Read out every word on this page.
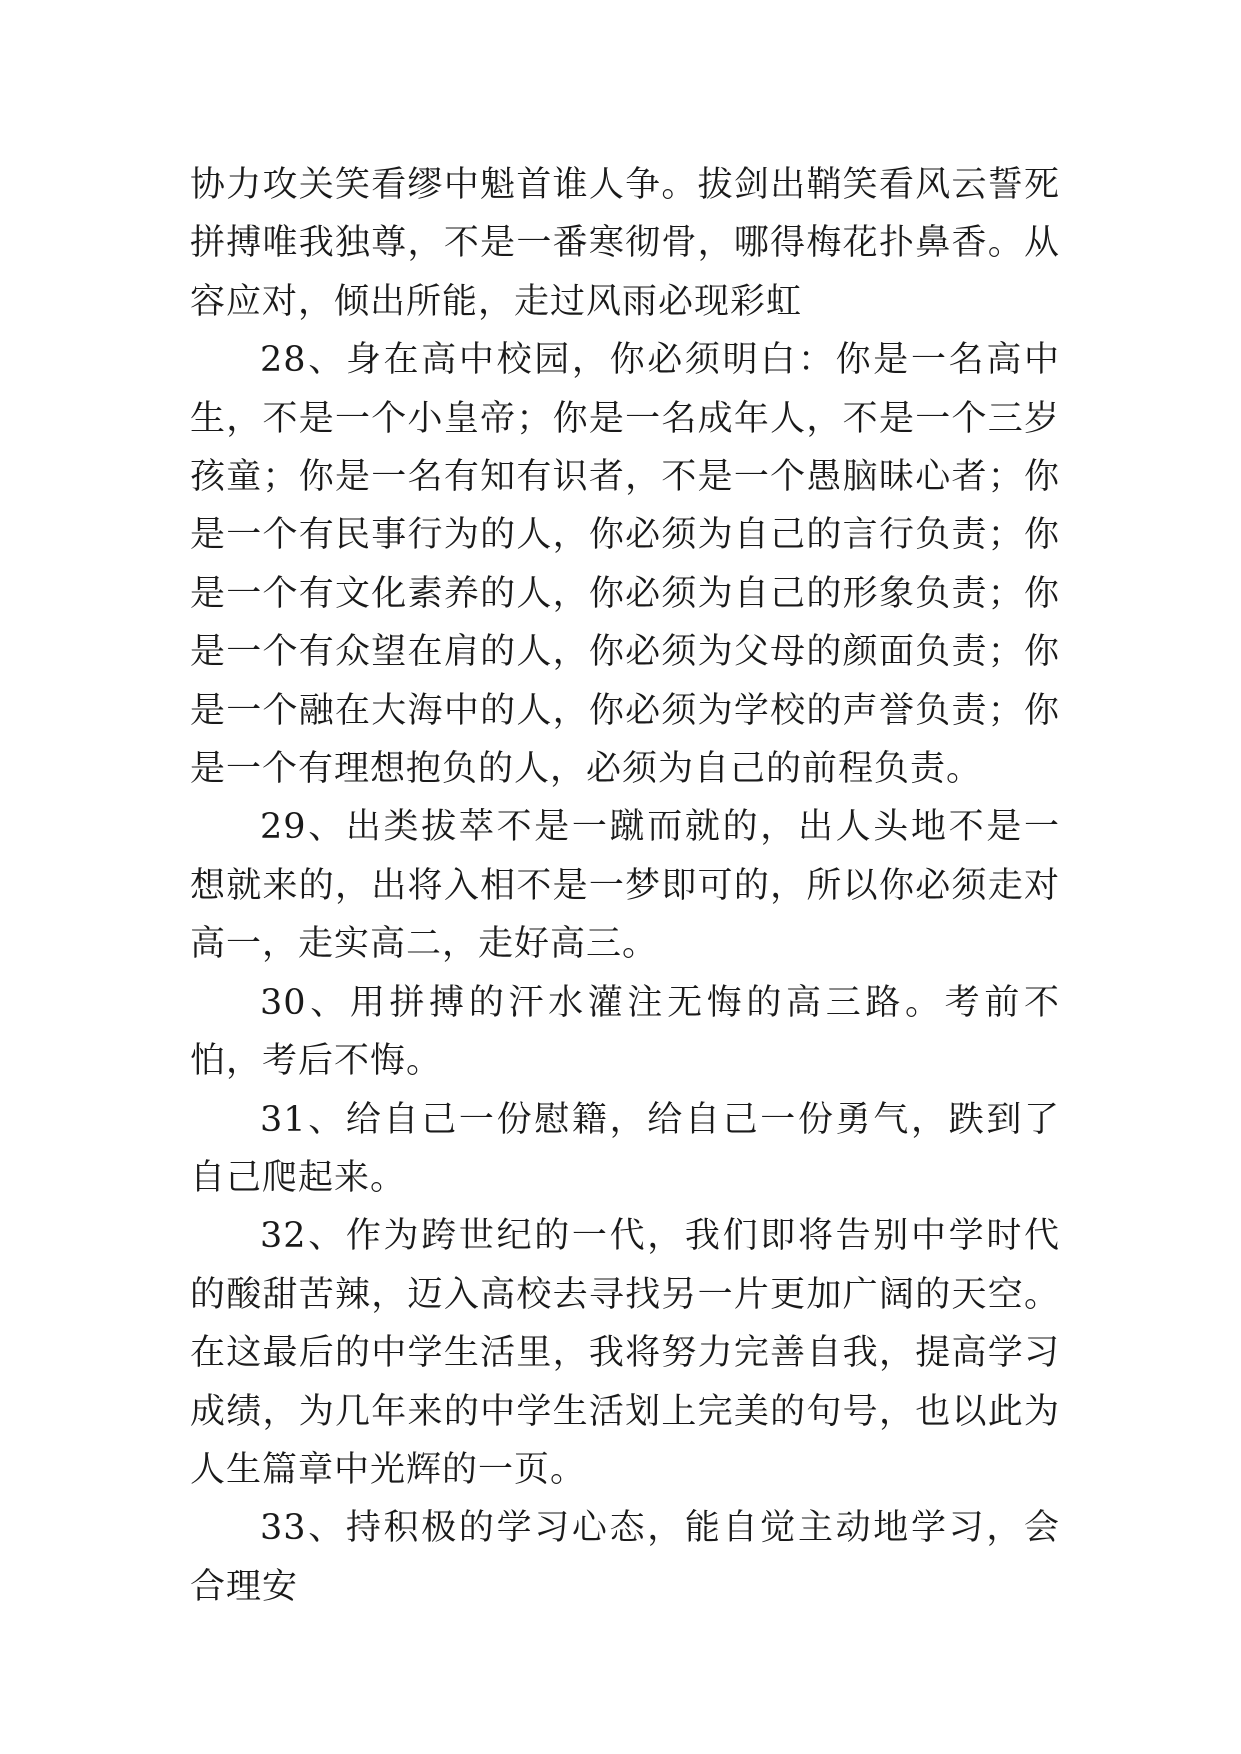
协力攻关笑看缪中魁首谁人争。拔剑出鞘笑看风云誓死拼搏唯我独尊，不是一番寒彻骨，哪得梅花扑鼻香。从容应对，倾出所能，走过风雨必现彩虹

28、身在高中校园，你必须明白：你是一名高中生，不是一个小皇帝；你是一名成年人，不是一个三岁孩童；你是一名有知有识者，不是一个愚脑昧心者；你是一个有民事行为的人，你必须为自己的言行负责；你是一个有文化素养的人，你必须为自己的形象负责；你是一个有众望在肩的人，你必须为父母的颜面负责；你是一个融在大海中的人，你必须为学校的声誉负责；你是一个有理想抱负的人，必须为自己的前程负责。

29、出类拔萃不是一蹴而就的，出人头地不是一想就来的，出将入相不是一梦即可的，所以你必须走对高一，走实高二，走好高三。

30、用拼搏的汗水灌注无悔的高三路。考前不怕，考后不悔。

31、给自己一份慰籍，给自己一份勇气，跌到了自己爬起来。

32、作为跨世纪的一代，我们即将告别中学时代的酸甜苦辣，迈入高校去寻找另一片更加广阔的天空。在这最后的中学生活里，我将努力完善自我，提高学习成绩，为几年来的中学生活划上完美的句号，也以此为人生篇章中光辉的一页。

33、持积极的学习心态，能自觉主动地学习，会合理安
